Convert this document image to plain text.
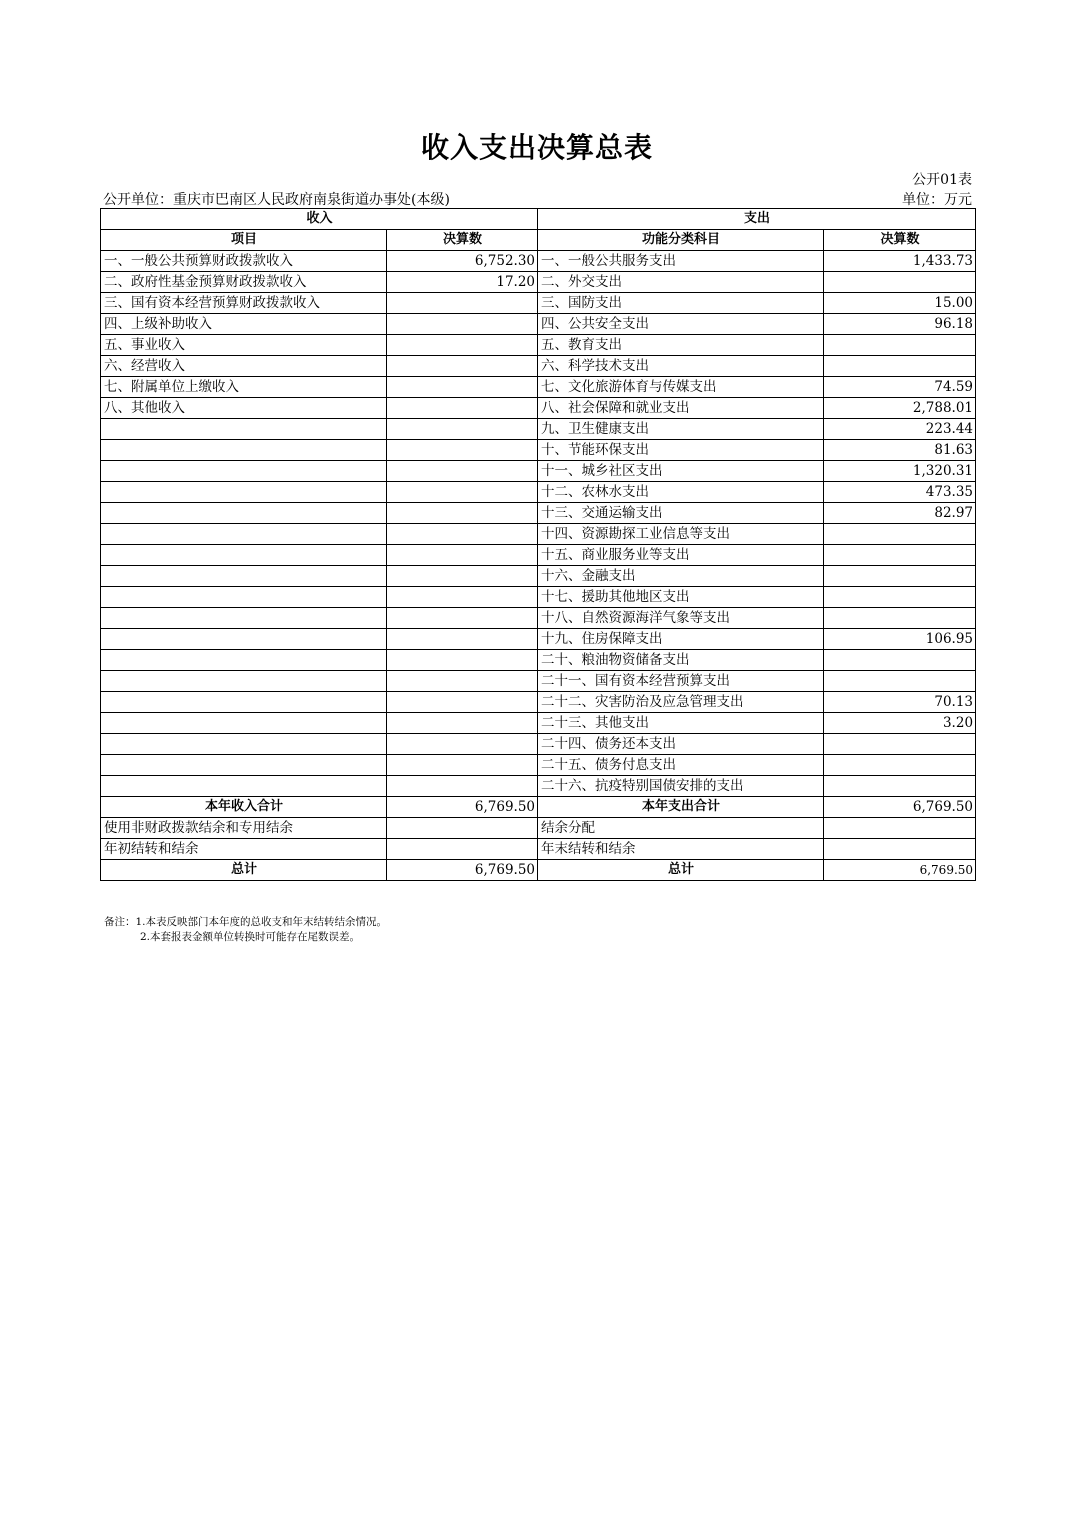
收入支出决算总表
公开01表
公开单位：重庆市巴南区人民政府南泉街道办事处(本级)	单位：万元
收入		支出	
项目	决算数	功能分类科目	决算数
一、一般公共预算财政拨款收入	6,752.30	一、一般公共服务支出	1,433.73
二、政府性基金预算财政拨款收入	17.20	二、外交支出	
三、国有资本经营预算财政拨款收入		三、国防支出	15.00
四、上级补助收入		四、公共安全支出	96.18
五、事业收入		五、教育支出	
六、经营收入		六、科学技术支出	
七、附属单位上缴收入		七、文化旅游体育与传媒支出	74.59
八、其他收入		八、社会保障和就业支出	2,788.01
		九、卫生健康支出	223.44
		十、节能环保支出	81.63
		十一、城乡社区支出	1,320.31
		十二、农林水支出	473.35
		十三、交通运输支出	82.97
		十四、资源勘探工业信息等支出	
		十五、商业服务业等支出	
		十六、金融支出	
		十七、援助其他地区支出	
		十八、自然资源海洋气象等支出	
		十九、住房保障支出	106.95
		二十、粮油物资储备支出	
		二十一、国有资本经营预算支出	
		二十二、灾害防治及应急管理支出	70.13
		二十三、其他支出	3.20
		二十四、债务还本支出	
		二十五、债务付息支出	
		二十六、抗疫特别国债安排的支出	
本年收入合计	6,769.50	本年支出合计	6,769.50
使用非财政拨款结余和专用结余		结余分配	
年初结转和结余		年末结转和结余	
总计	6,769.50	总计	6,769.50
备注：1.本表反映部门本年度的总收支和年末结转结余情况。
2.本套报表金额单位转换时可能存在尾数误差。
